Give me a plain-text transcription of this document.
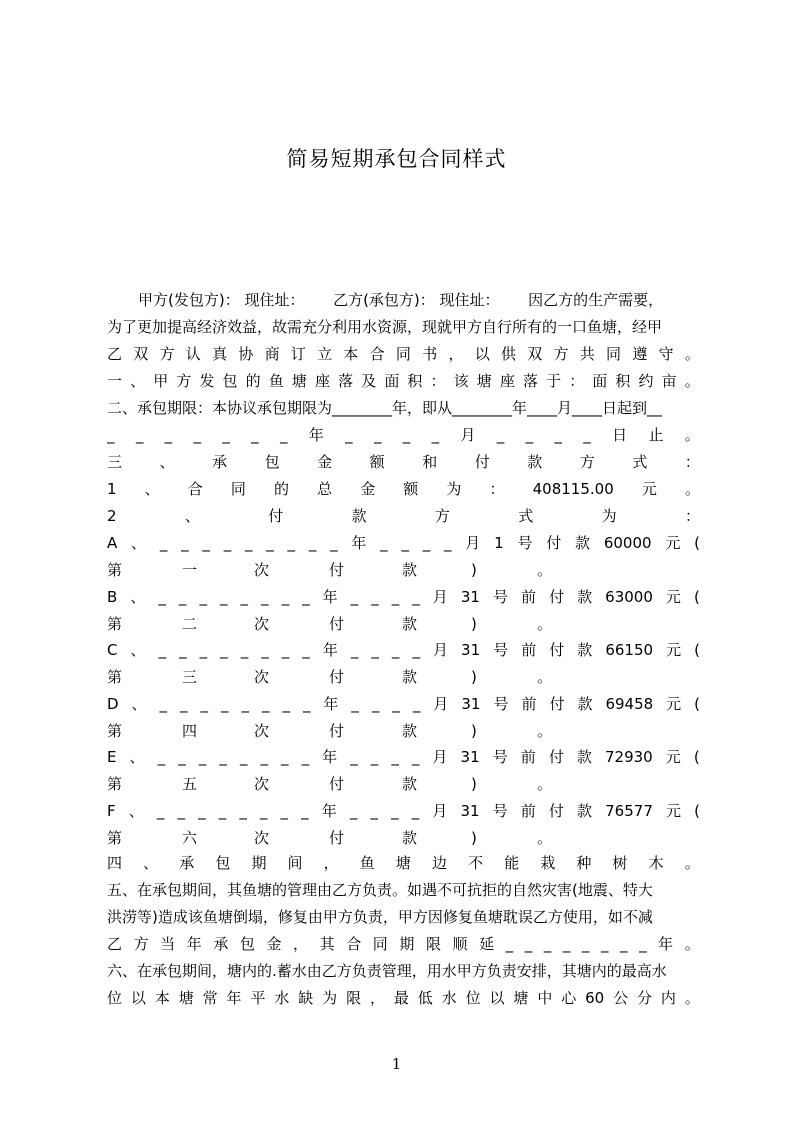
简易短期承包合同样式
甲方(发包方)： 现住址：      乙方(承包方)： 现住址：      因乙方的生产需要，
为了更加提高经济效益，故需充分利用水资源，现就甲方自行所有的一口鱼塘，经甲
乙 双 方 认 真 协 商 订 立 本 合 同 书 ， 以 供 双 方 共 同 遵 守 。
一 、 甲 方 发 包 的 鱼 塘 座 落 及 面 积 ： 该 塘 座 落 于 ： 面 积 约 亩 。
二、承包期限：本协议承包期限为________年，即从________年____月____日起到__
_ _ _ _ _ _ _ 年 _ _ _ _ 月 _ _ _ _ 日 止 。
三	、	承	包	金	额	和	付	款	方	式	：
1 、 合 同 的 总 金 额 为 ： 408115.00 元 。
2	、	付	款	方	式	为	：
A 、 _ _ _ _ _ _ _ _ _ 年 _ _ _ _ 月 1 号 付 款 60000 元 (
第	一	次	付	款	)	。
B 、 _ _ _ _ _ _ _ _ 年 _ _ _ _ 月 31 号 前 付 款 63000 元 (
第	二	次	付	款	)	。
C 、 _ _ _ _ _ _ _ _ 年 _ _ _ _ 月 31 号 前 付 款 66150 元 (
第	三	次	付	款	)	。
D 、 _ _ _ _ _ _ _ _ 年 _ _ _ _ 月 31 号 前 付 款 69458 元 (
第	四	次	付	款	)	。
E 、 _ _ _ _ _ _ _ _ 年 _ _ _ _ 月 31 号 前 付 款 72930 元 (
第	五	次	付	款	)	。
F 、 _ _ _ _ _ _ _ _ 年 _ _ _ _ 月 31 号 前 付 款 76577 元 (
第	六	次	付	款	)	。
四 、 承 包 期 间 ， 鱼 塘 边 不 能 栽 种 树 木 。
五、在承包期间，其鱼塘的管理由乙方负责。如遇不可抗拒的自然灾害(地震、特大
洪涝等)造成该鱼塘倒塌，修复由甲方负责，甲方因修复鱼塘耽误乙方使用，如不减
乙 方 当 年 承 包 金 ， 其 合 同 期 限 顺 延 _ _ _ _ _ _ _ _ 年 。
六、在承包期间，塘内的.蓄水由乙方负责管理，用水甲方负责安排，其塘内的最高水
位 以 本 塘 常 年 平 水 缺 为 限 ， 最 低 水 位 以 塘 中 心 60 公 分 内 。
1
